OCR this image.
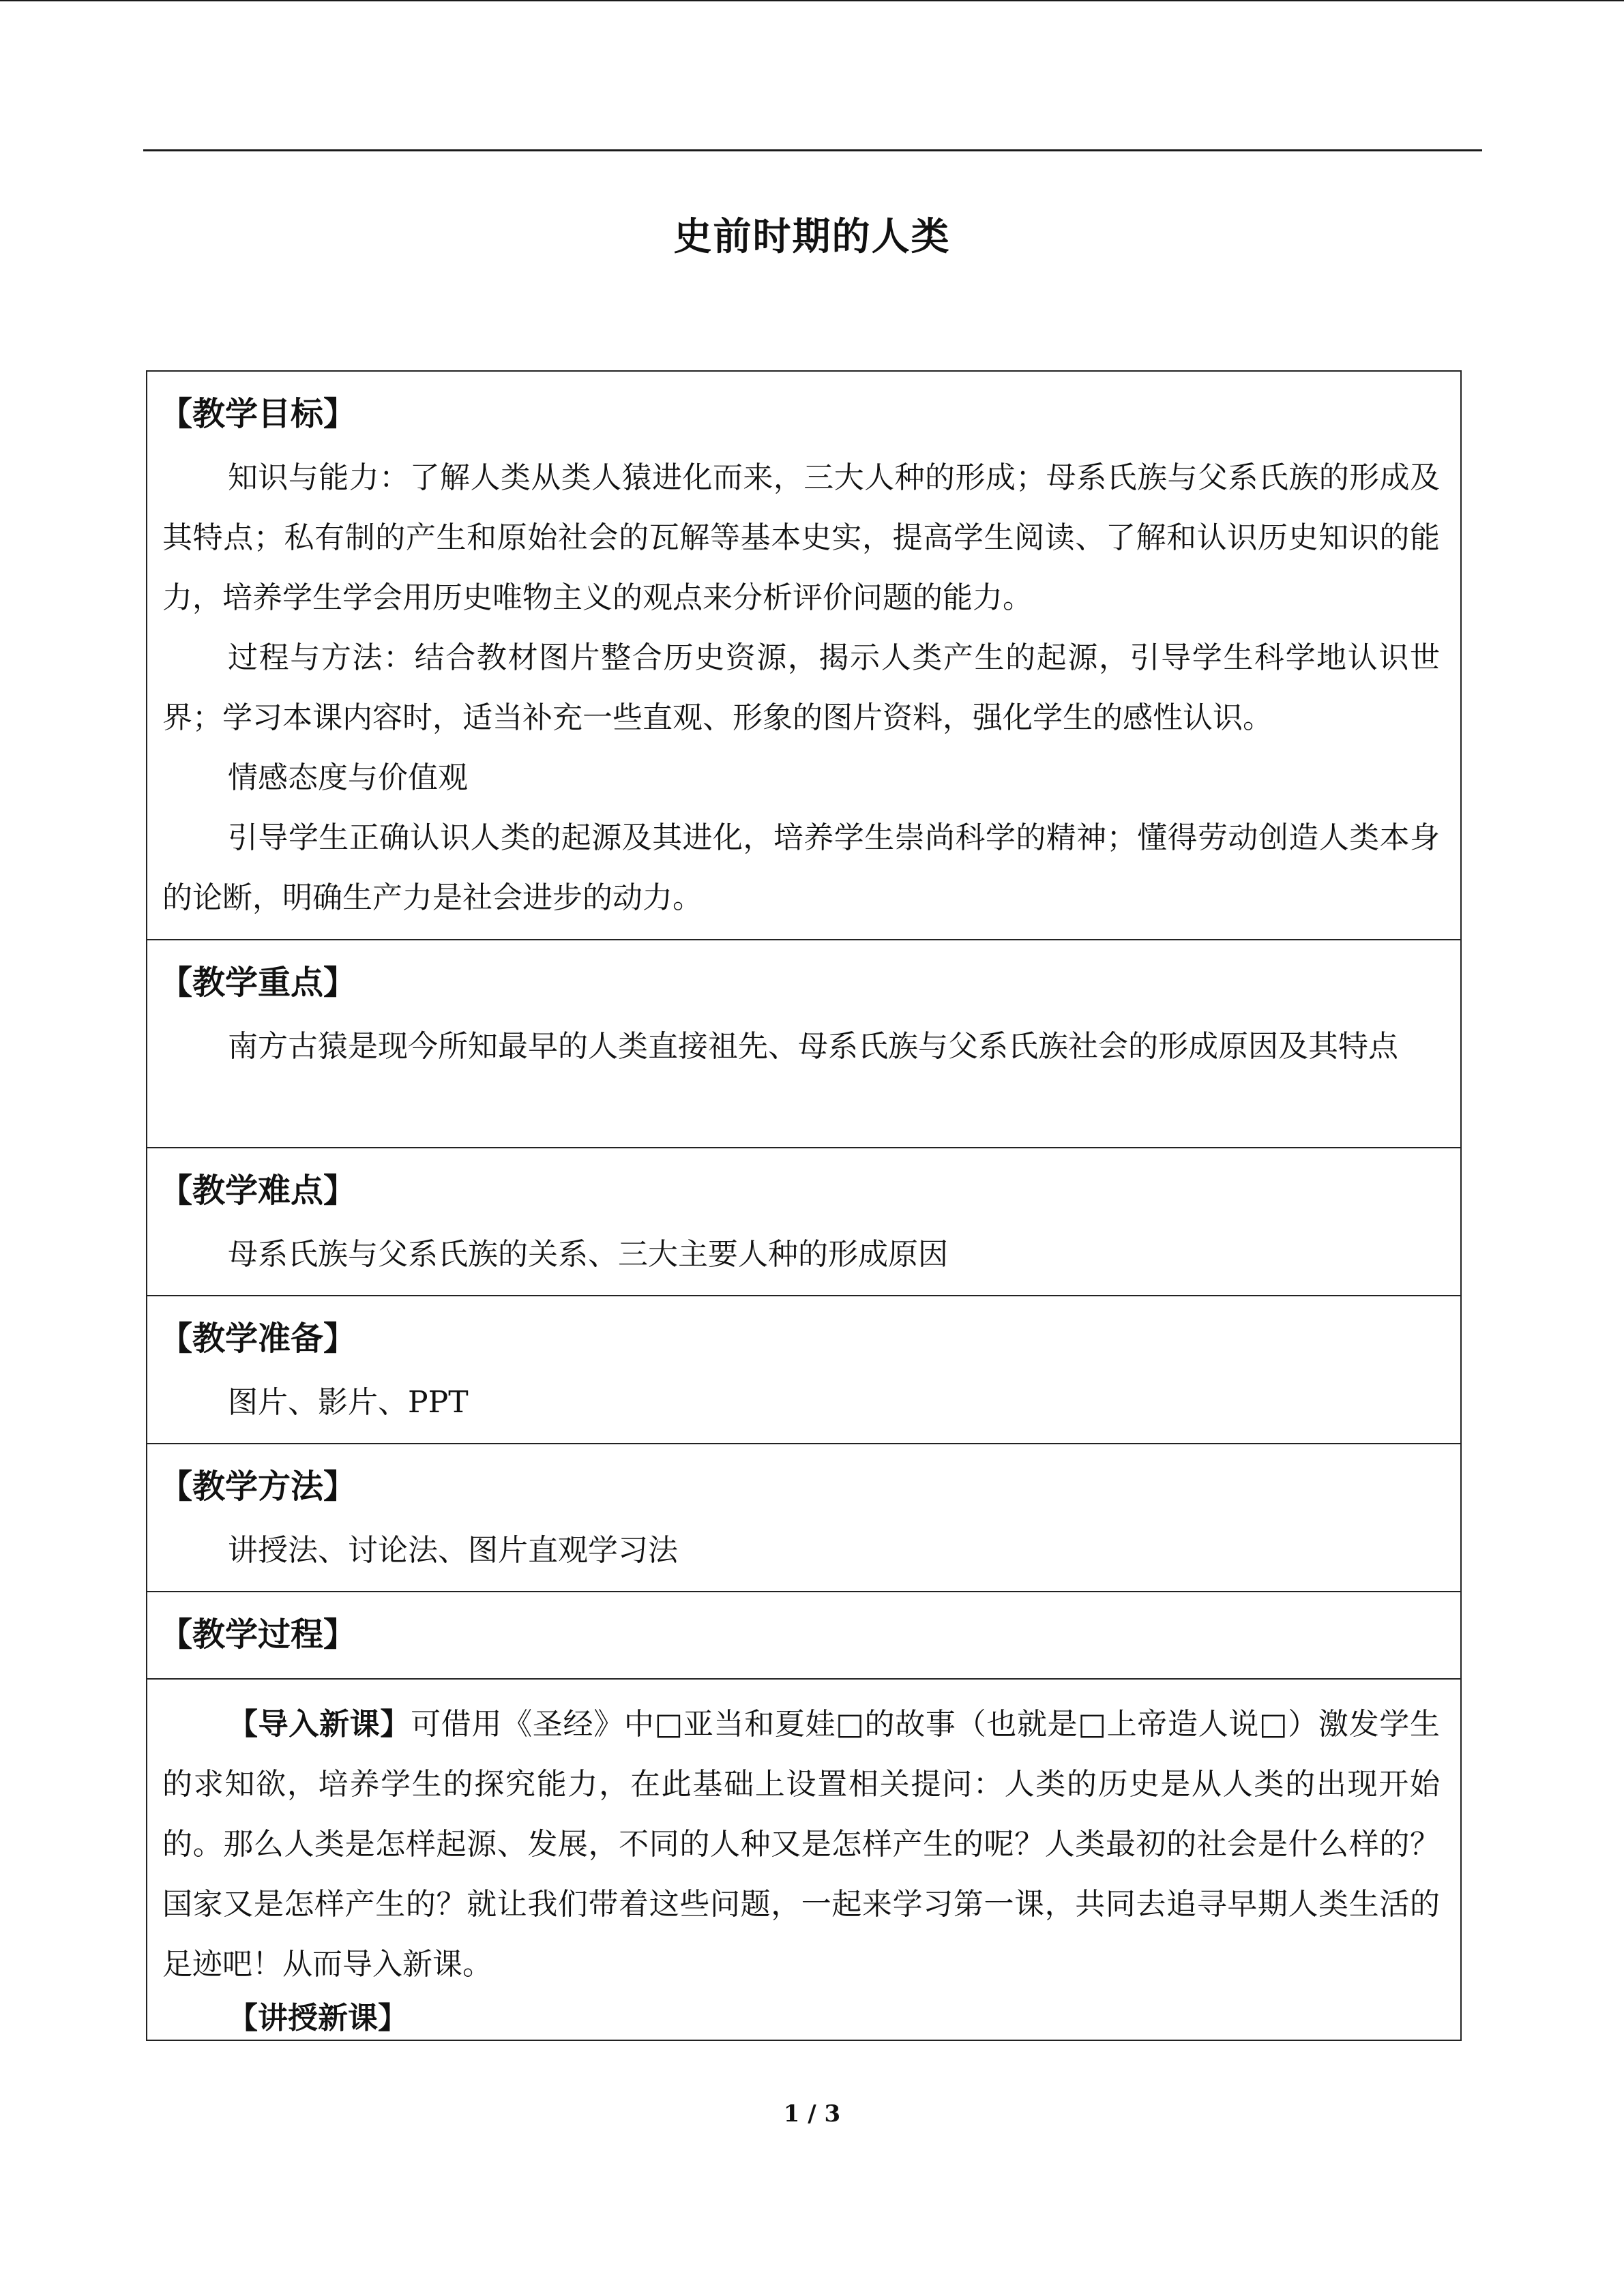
史前时期的人类
【教学目标】

知识与能力：了解人类从类人猿进化而来，三大人种的形成；母系氏族与父系氏族的形成及其特点；私有制的产生和原始社会的瓦解等基本史实，提高学生阅读、了解和认识历史知识的能力，培养学生学会用历史唯物主义的观点来分析评价问题的能力。

过程与方法：结合教材图片整合历史资源，揭示人类产生的起源，引导学生科学地认识世界；学习本课内容时，适当补充一些直观、形象的图片资料，强化学生的感性认识。

情感态度与价值观

引导学生正确认识人类的起源及其进化，培养学生崇尚科学的精神；懂得劳动创造人类本身的论断，明确生产力是社会进步的动力。

【教学重点】

南方古猿是现今所知最早的人类直接祖先、母系氏族与父系氏族社会的形成原因及其特点

【教学难点】

母系氏族与父系氏族的关系、三大主要人种的形成原因

【教学准备】

图片、影片、PPT

【教学方法】

讲授法、讨论法、图片直观学习法

【教学过程】

【导入新课】可借用《圣经》中□亚当和夏娃□的故事（也就是□上帝造人说□）激发学生的求知欲，培养学生的探究能力，在此基础上设置相关提问：人类的历史是从人类的出现开始的。那么人类是怎样起源、发展，不同的人种又是怎样产生的呢？人类最初的社会是什么样的？国家又是怎样产生的？就让我们带着这些问题，一起来学习第一课，共同去追寻早期人类生活的足迹吧！从而导入新课。

【讲授新课】

1 / 3
